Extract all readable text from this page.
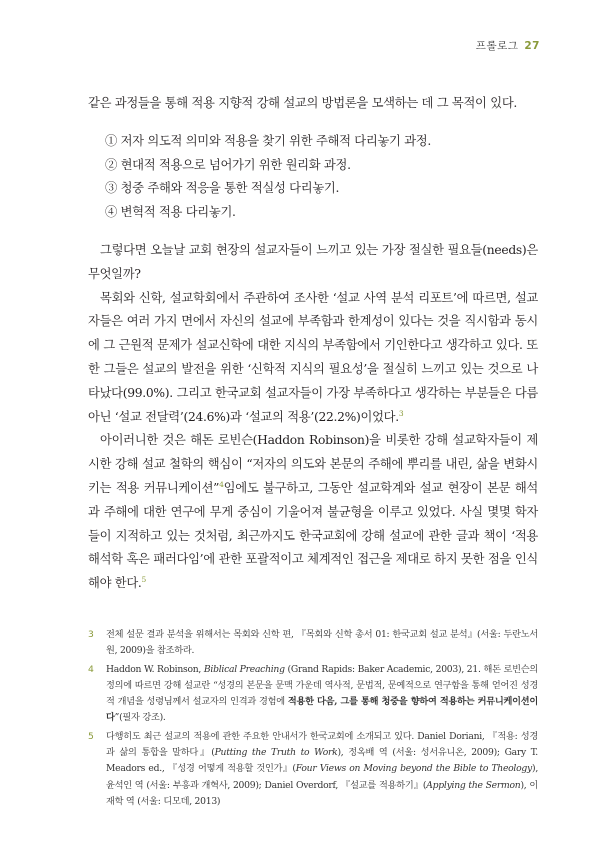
프롤로그 27

같은 과정들을 통해 적용 지향적 강해 설교의 방법론을 모색하는 데 그 목적이 있다.

① 저자 의도적 의미와 적용을 찾기 위한 주해적 다리놓기 과정.
② 현대적 적용으로 넘어가기 위한 원리화 과정.
③ 청중 주해와 적응을 통한 적실성 다리놓기.
④ 변혁적 적용 다리놓기.

그렇다면 오늘날 교회 현장의 설교자들이 느끼고 있는 가장 절실한 필요들(needs)은 무엇일까?

목회와 신학, 설교학회에서 주관하여 조사한 ‘설교 사역 분석 리포트’에 따르면, 설교자들은 여러 가지 면에서 자신의 설교에 부족함과 한계성이 있다는 것을 직시함과 동시에 그 근원적 문제가 설교신학에 대한 지식의 부족함에서 기인한다고 생각하고 있다. 또한 그들은 설교의 발전을 위한 ‘신학적 지식의 필요성’을 절실히 느끼고 있는 것으로 나타났다(99.0%). 그리고 한국교회 설교자들이 가장 부족하다고 생각하는 부분들은 다름 아닌 ‘설교 전달력’(24.6%)과 ‘설교의 적용’(22.2%)이었다.$^3$

아이러니한 것은 해돈 로빈슨(Haddon Robinson)을 비롯한 강해 설교학자들이 제시한 강해 설교 철학의 핵심이 “저자의 의도와 본문의 주해에 뿌리를 내린, 삶을 변화시키는 적용 커뮤니케이션”$^4$임에도 불구하고, 그동안 설교학계와 설교 현장이 본문 해석과 주해에 대한 연구에 무게 중심이 기울어져 불균형을 이루고 있었다. 사실 몇몇 학자들이 지적하고 있는 것처럼, 최근까지도 한국교회에 강해 설교에 관한 글과 책이 ‘적용 해석학 혹은 패러다임’에 관한 포괄적이고 체계적인 접근을 제대로 하지 못한 점을 인식해야 한다.$^5$

3 전체 설문 결과 분석을 위해서는 목회와 신학 편, 『목회와 신학 총서 01: 한국교회 설교 분석』(서울: 두란노서원, 2009)을 참조하라.
4 Haddon W. Robinson, Biblical Preaching (Grand Rapids: Baker Academic, 2003), 21. 해돈 로빈슨의 정의에 따르면 강해 설교란 “성경의 본문을 문맥 가운데 역사적, 문법적, 문예적으로 연구함을 통해 얻어진 성경적 개념을 성령님께서 설교자의 인격과 경험에 적용한 다음, 그를 통해 청중을 향하여 적용하는 커뮤니케이션이다”(필자 강조).
5 다행히도 최근 설교의 적용에 관한 주요한 안내서가 한국교회에 소개되고 있다. Daniel Doriani, 『적용: 성경과 삶의 통합을 말하다』(Putting the Truth to Work), 정옥배 역 (서울: 성서유니온, 2009); Gary T. Meadors ed., 『성경 어떻게 적용할 것인가』(Four Views on Moving beyond the Bible to Theology), 윤석인 역 (서울: 부흥과 개혁사, 2009); Daniel Overdorf, 『설교를 적용하기』(Applying the Sermon), 이재학 역 (서울: 디모데, 2013)
